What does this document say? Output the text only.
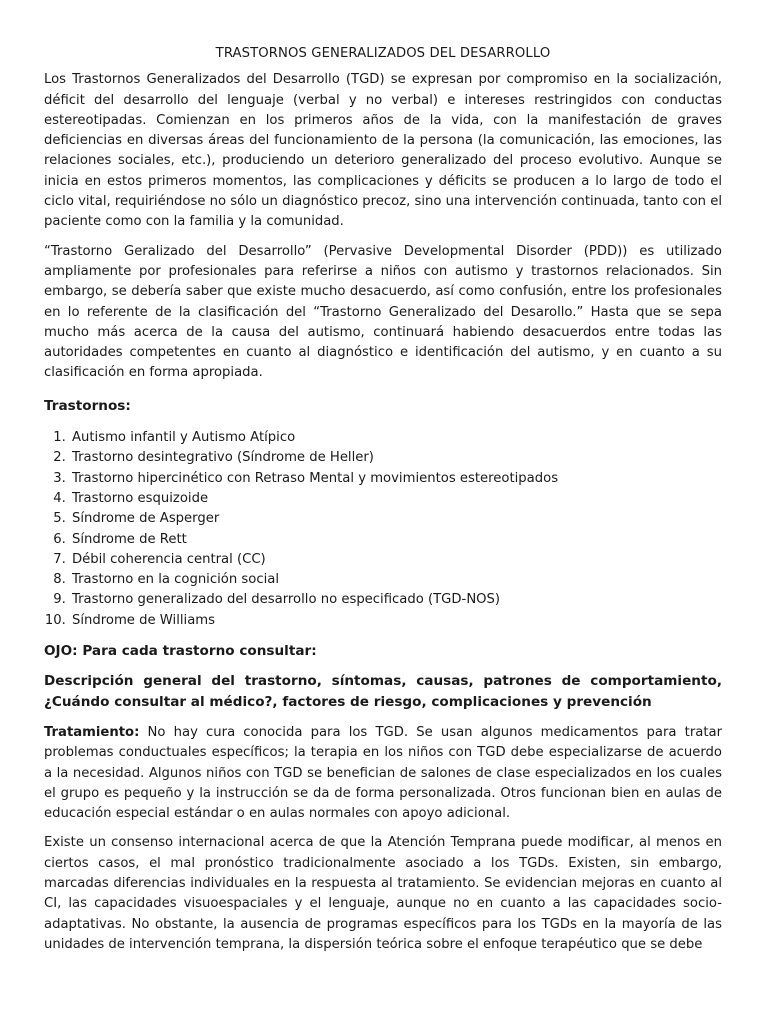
TRASTORNOS GENERALIZADOS DEL DESARROLLO

Los Trastornos Generalizados del Desarrollo (TGD) se expresan por compromiso en la socialización, déficit del desarrollo del lenguaje (verbal y no verbal) e intereses restringidos con conductas estereotipadas. Comienzan en los primeros años de la vida, con la manifestación de graves deficiencias en diversas áreas del funcionamiento de la persona (la comunicación, las emociones, las relaciones sociales, etc.), produciendo un deterioro generalizado del proceso evolutivo. Aunque se inicia en estos primeros momentos, las complicaciones y déficits se producen a lo largo de todo el ciclo vital, requiriéndose no sólo un diagnóstico precoz, sino una intervención continuada, tanto con el paciente como con la familia y la comunidad.

“Trastorno Geralizado del Desarrollo” (Pervasive Developmental Disorder (PDD)) es utilizado ampliamente por profesionales para referirse a niños con autismo y trastornos relacionados. Sin embargo, se debería saber que existe mucho desacuerdo, así como confusión, entre los profesionales en lo referente de la clasificación del “Trastorno Generalizado del Desarollo.” Hasta que se sepa mucho más acerca de la causa del autismo, continuará habiendo desacuerdos entre todas las autoridades competentes en cuanto al diagnóstico e identificación del autismo, y en cuanto a su clasificación en forma apropiada.

Trastornos:
1. Autismo infantil y Autismo Atípico
2. Trastorno desintegrativo (Síndrome de Heller)
3. Trastorno hipercinético con Retraso Mental y movimientos estereotipados
4. Trastorno esquizoide
5. Síndrome de Asperger
6. Síndrome de Rett
7. Débil coherencia central (CC)
8. Trastorno en la cognición social
9. Trastorno generalizado del desarrollo no especificado (TGD-NOS)
10. Síndrome de Williams
OJO: Para cada trastorno consultar:
Descripción general del trastorno, síntomas, causas, patrones de comportamiento, ¿Cuándo consultar al médico?, factores de riesgo, complicaciones y prevención

Tratamiento: No hay cura conocida para los TGD. Se usan algunos medicamentos para tratar problemas conductuales específicos; la terapia en los niños con TGD debe especializarse de acuerdo a la necesidad. Algunos niños con TGD se benefician de salones de clase especializados en los cuales el grupo es pequeño y la instrucción se da de forma personalizada. Otros funcionan bien en aulas de educación especial estándar o en aulas normales con apoyo adicional.

Existe un consenso internacional acerca de que la Atención Temprana puede modificar, al menos en ciertos casos, el mal pronóstico tradicionalmente asociado a los TGDs. Existen, sin embargo, marcadas diferencias individuales en la respuesta al tratamiento. Se evidencian mejoras en cuanto al CI, las capacidades visuoespaciales y el lenguaje, aunque no en cuanto a las capacidades socio-adaptativas. No obstante, la ausencia de programas específicos para los TGDs en la mayoría de las unidades de intervención temprana, la dispersión teórica sobre el enfoque terapéutico que se debe
